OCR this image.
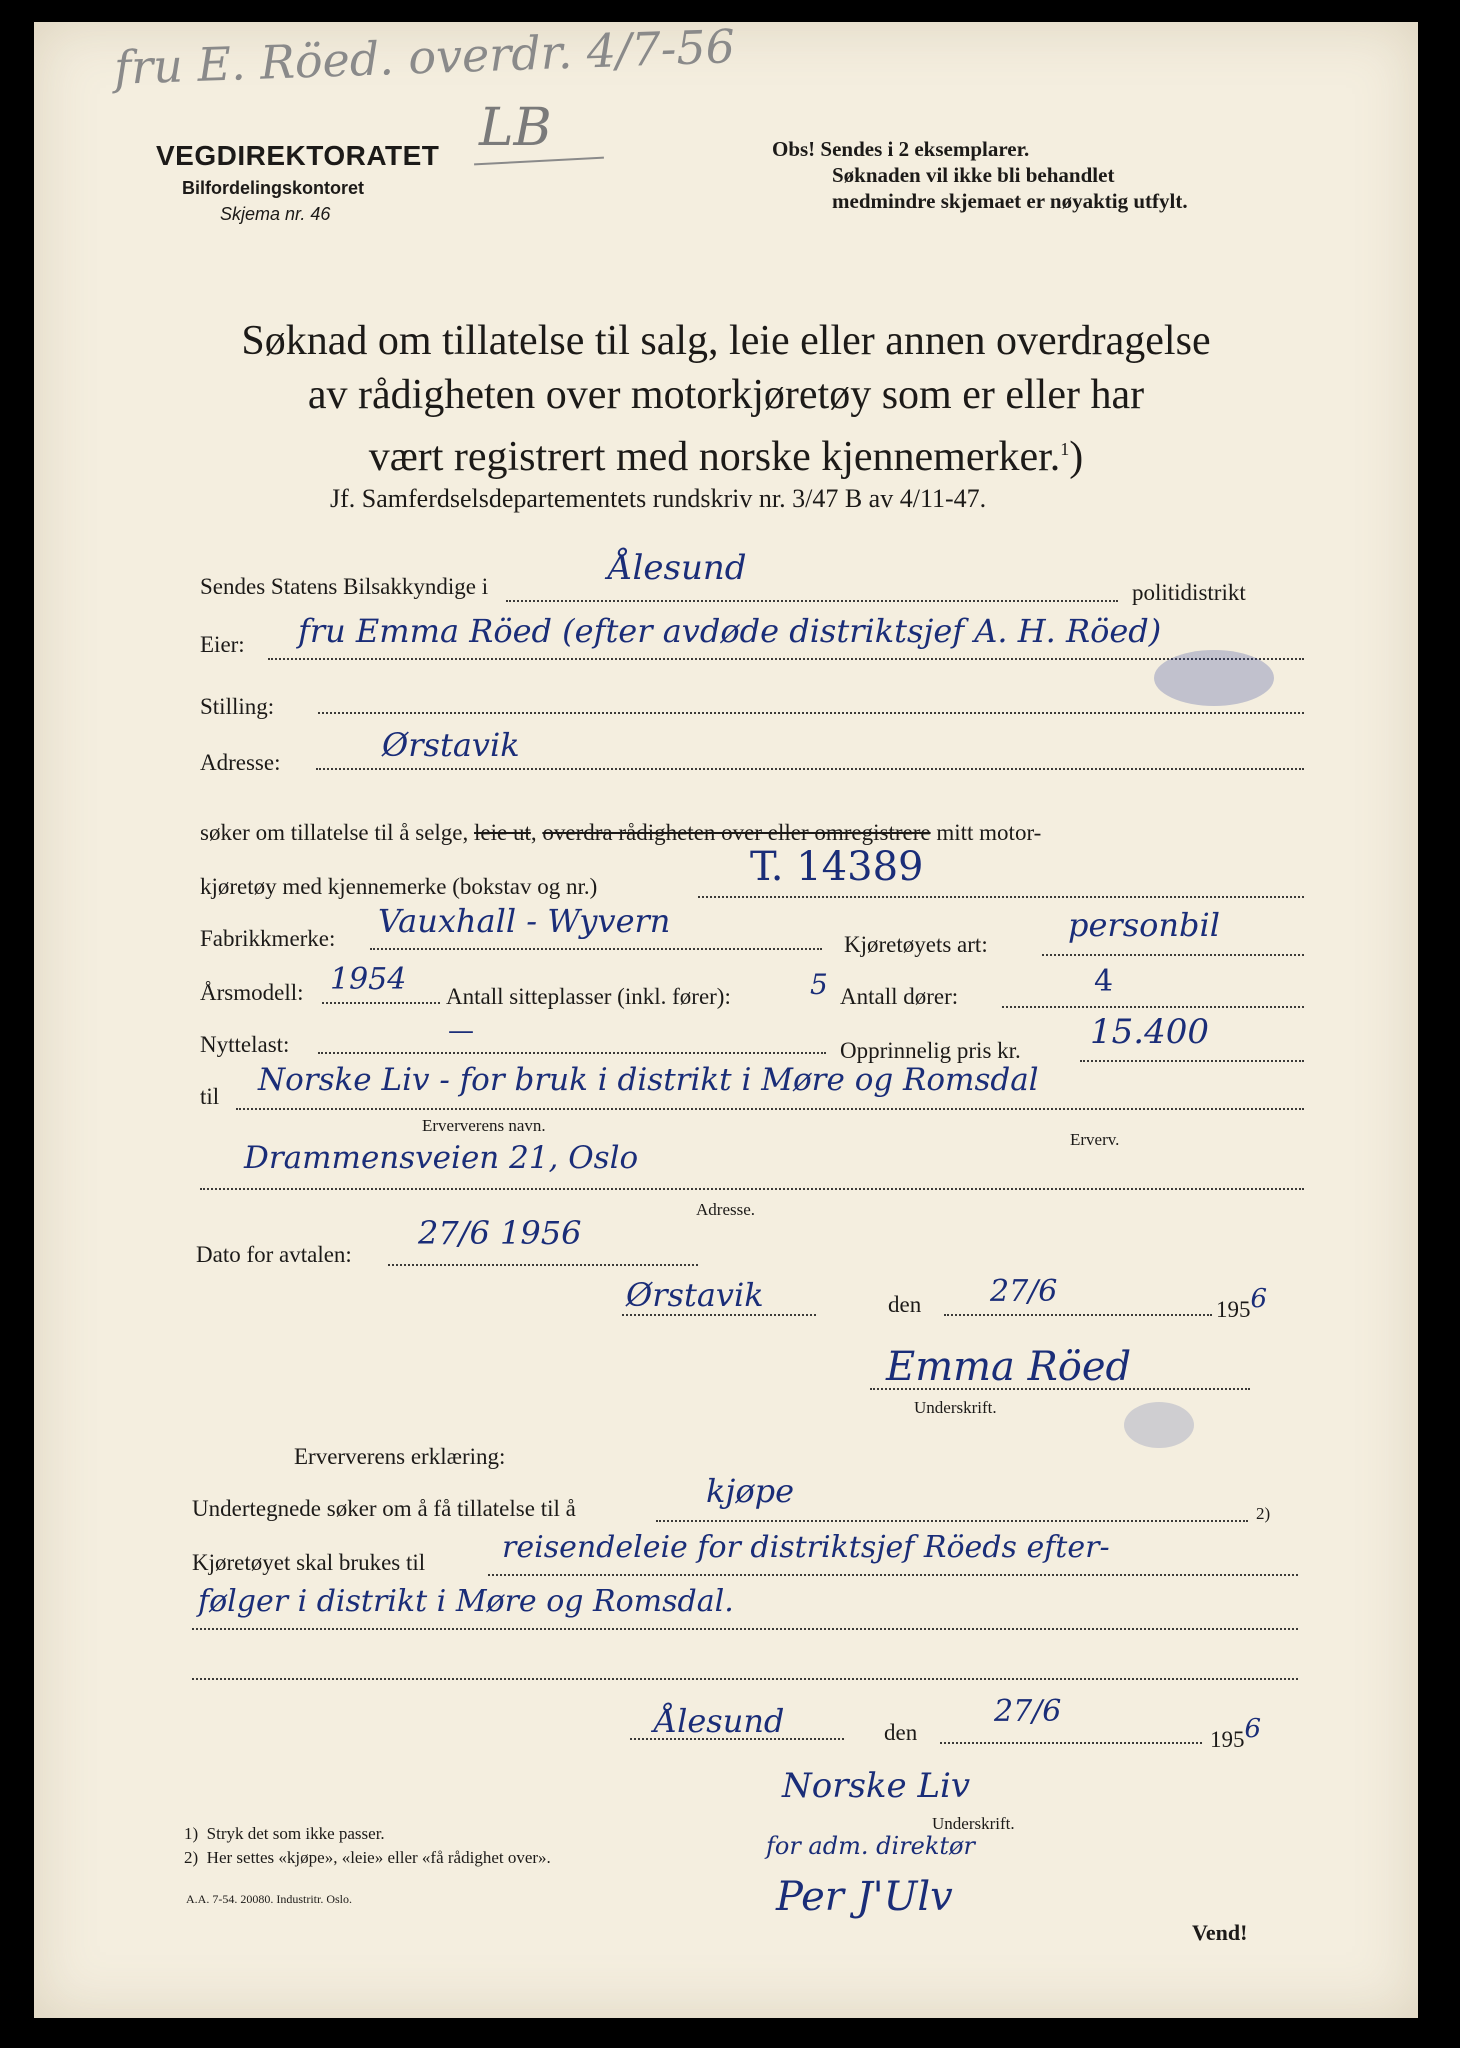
fru E. Röed. overdr. 4/7-56
LB
VEGDIREKTORATET
Bilfordelingskontoret
Skjema nr. 46
Obs! Sendes i 2 eksemplarer.
Søknaden vil ikke bli behandlet
medmindre skjemaet er nøyaktig utfylt.
Søknad om tillatelse til salg, leie eller annen overdragelse
av rådigheten over motorkjøretøy som er eller har
vært registrert med norske kjennemerker.$^1$)
Jf. Samferdselsdepartementets rundskriv nr. 3/47 B av 4/11-47.
Sendes Statens Bilsakkyndige i	Ålesund
politidistrikt
Eier: fru Emma Röed (efter avdøde distriktsjef A. H. Röed)
Stilling:
Adresse:	Ørstavik
søker om tillatelse til å selge, leie ut, overdra rådigheten over eller omregistrere mitt motor-
kjøretøy med kjennemerke (bokstav og nr.)	T. 14389
Fabrikkmerke: Vauxhall - Wyvern
Kjøretøyets art:
personbil
Årsmodell: 1954 Antall sitteplasser (inkl. fører):	5 Antall dører:	4
Nyttelast:	—
Opprinnelig pris kr. 15.400
til Norske Liv - for bruk i distrikt i Møre og Romsdal
Erververens navn.
Erverv.
Drammensveien 21, Oslo
Adresse.
Dato for avtalen:
27/6 1956
Ørstavik	den 27/6
1956
Emma Röed
Underskrift.
Erververens erklæring:
Undertegnede søker om å få tillatelse til å	kjøpe
2)
Kjøretøyet skal brukes til	reisendeleie for distriktsjef Röeds efter-
følger i distrikt i Møre og Romsdal.
Ålesund	den
27/6
1956
Norske Liv
Underskrift.
for adm. direktør
Per J'Ulv
1) Stryk det som ikke passer.
2) Her settes «kjøpe», «leie» eller «få rådighet over».
A.A. 7-54. 20080. Industritr. Oslo.
Vend!
